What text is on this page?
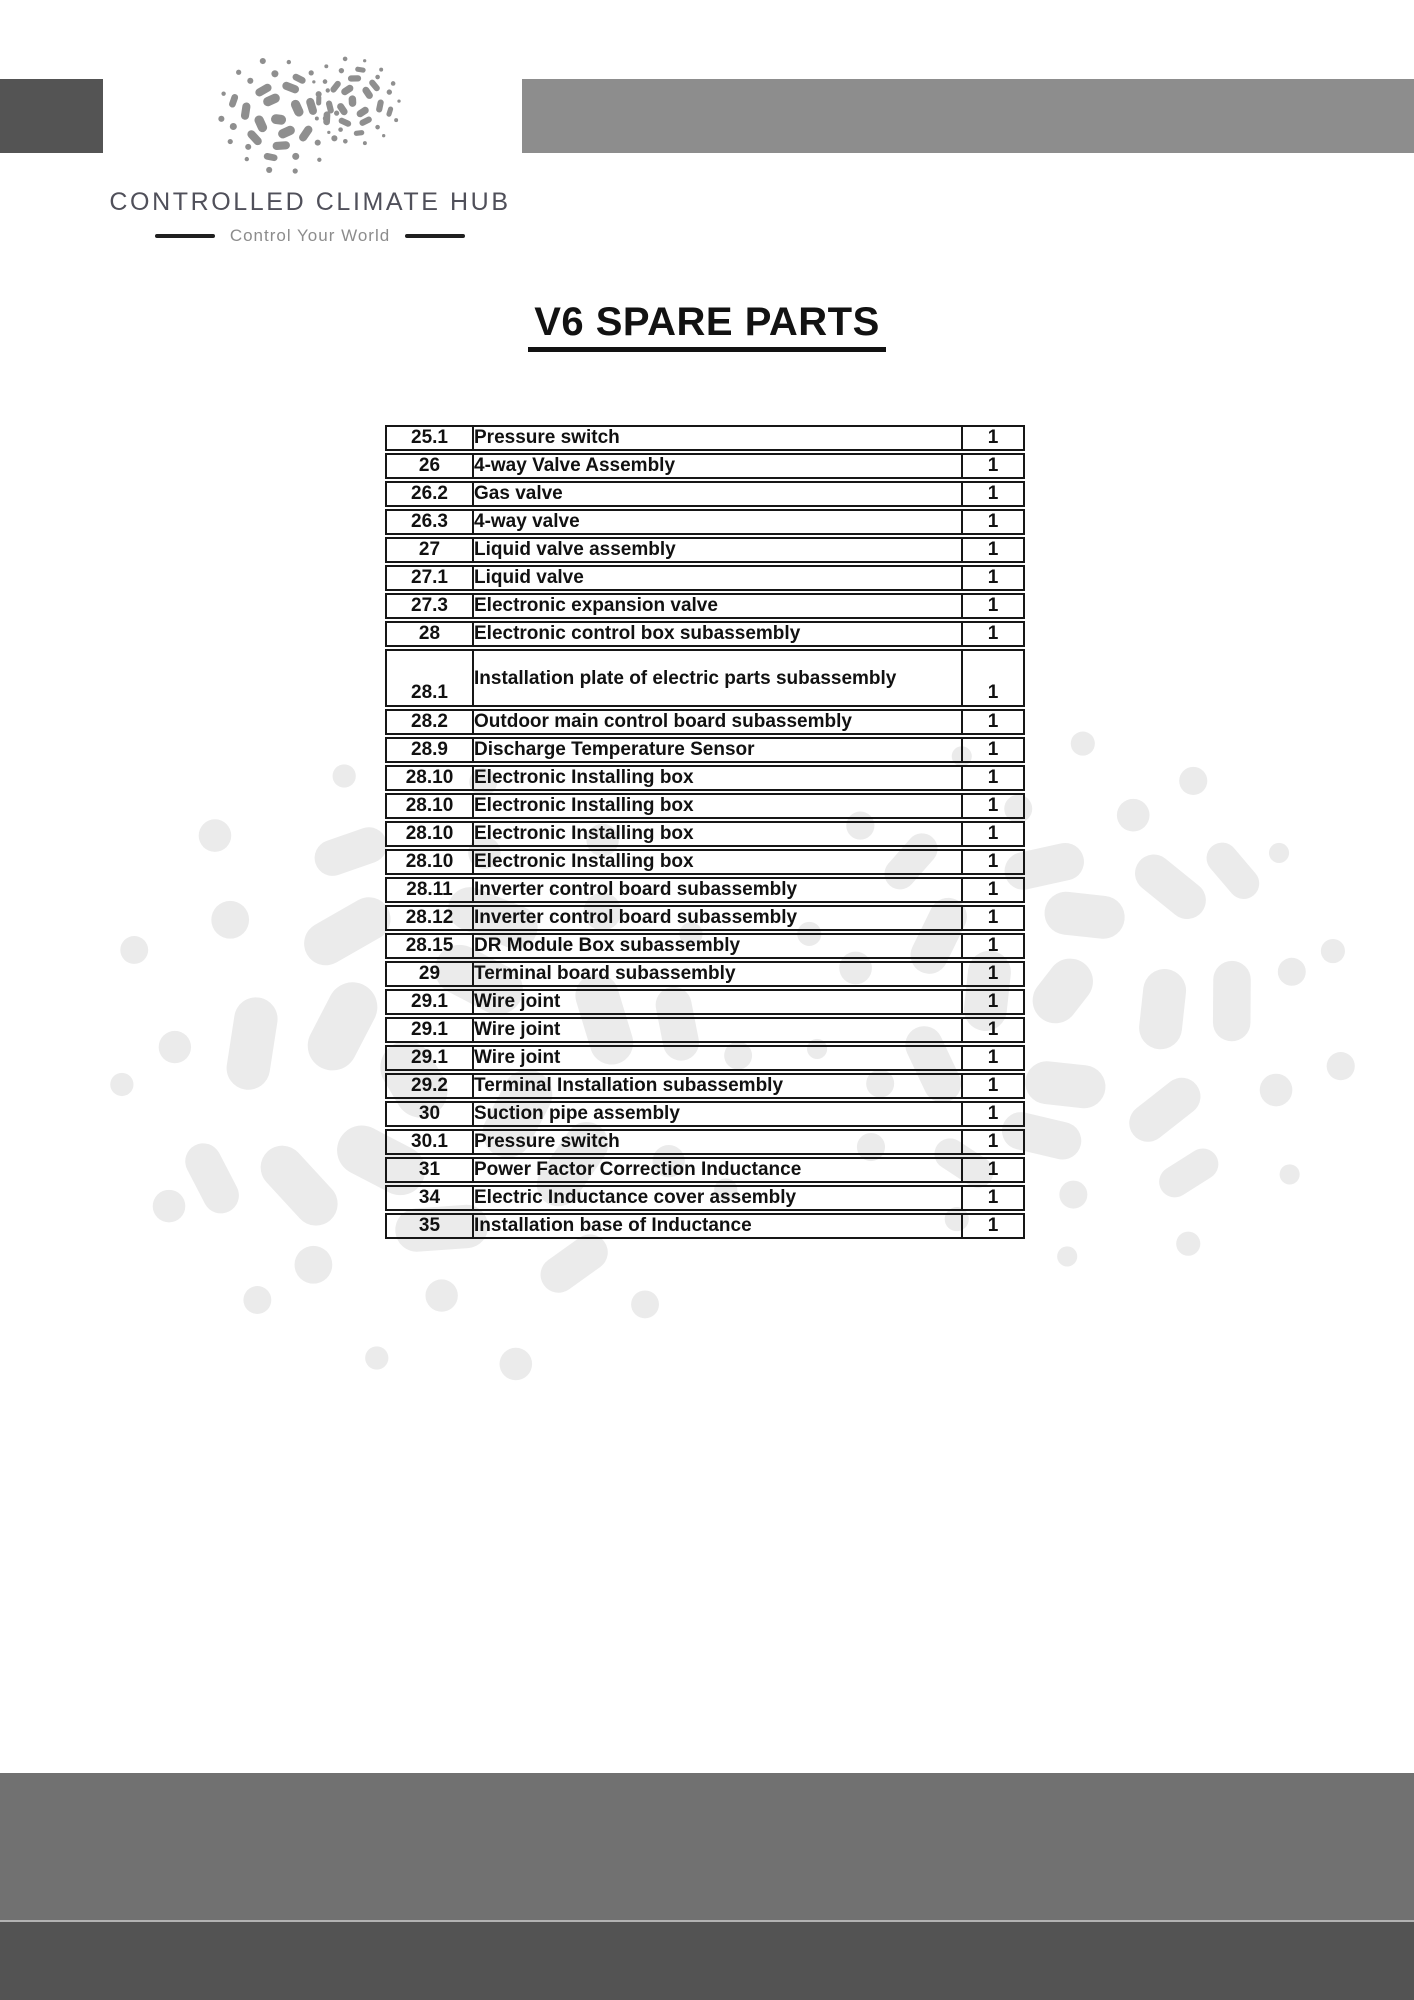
CONTROLLED CLIMATE HUB
Control Your World
V6 SPARE PARTS
25.1	Pressure switch	1
26	4-way Valve Assembly	1
26.2	Gas valve	1
26.3	4-way valve	1
27	Liquid valve assembly	1
27.1	Liquid valve	1
27.3	Electronic expansion valve	1
28	Electronic control box subassembly	1
28.1	Installation plate of electric parts subassembly	1
28.2	Outdoor main control board subassembly	1
28.9	Discharge Temperature Sensor	1
28.10	Electronic Installing box	1
28.10	Electronic Installing box	1
28.10	Electronic Installing box	1
28.10	Electronic Installing box	1
28.11	Inverter control board subassembly	1
28.12	Inverter control board subassembly	1
28.15	DR Module Box subassembly	1
29	Terminal board subassembly	1
29.1	Wire joint	1
29.1	Wire joint	1
29.1	Wire joint	1
29.2	Terminal Installation subassembly	1
30	Suction pipe assembly	1
30.1	Pressure switch	1
31	Power Factor Correction Inductance	1
34	Electric Inductance cover assembly	1
35	Installation base of Inductance	1
